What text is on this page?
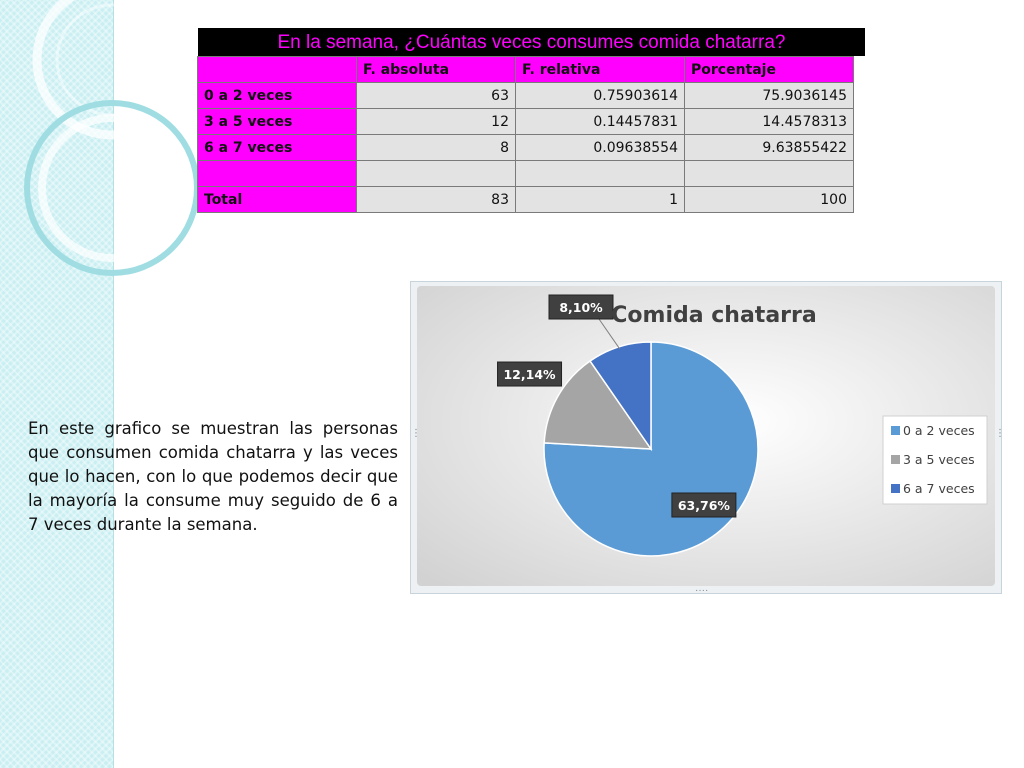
En la semana, ¿Cuántas veces consumes comida chatarra?
	F. absoluta	F. relativa	Porcentaje
0 a 2 veces	63	0.75903614	75.9036145
3 a 5 veces	12	0.14457831	14.4578313
6 a 7 veces	8	0.09638554	9.63855422

Total	83	1	100

En este grafico se muestran las personas que consumen comida chatarra y las veces que lo hacen, con lo que podemos decir que la mayoría la consume muy seguido de 6 a 7 veces durante la semana.

63,76%
12,14%
8,10% Comida chatarra
0 a 2 veces
3 a 5 veces
6 a 7 veces
⋮	⋮
····
